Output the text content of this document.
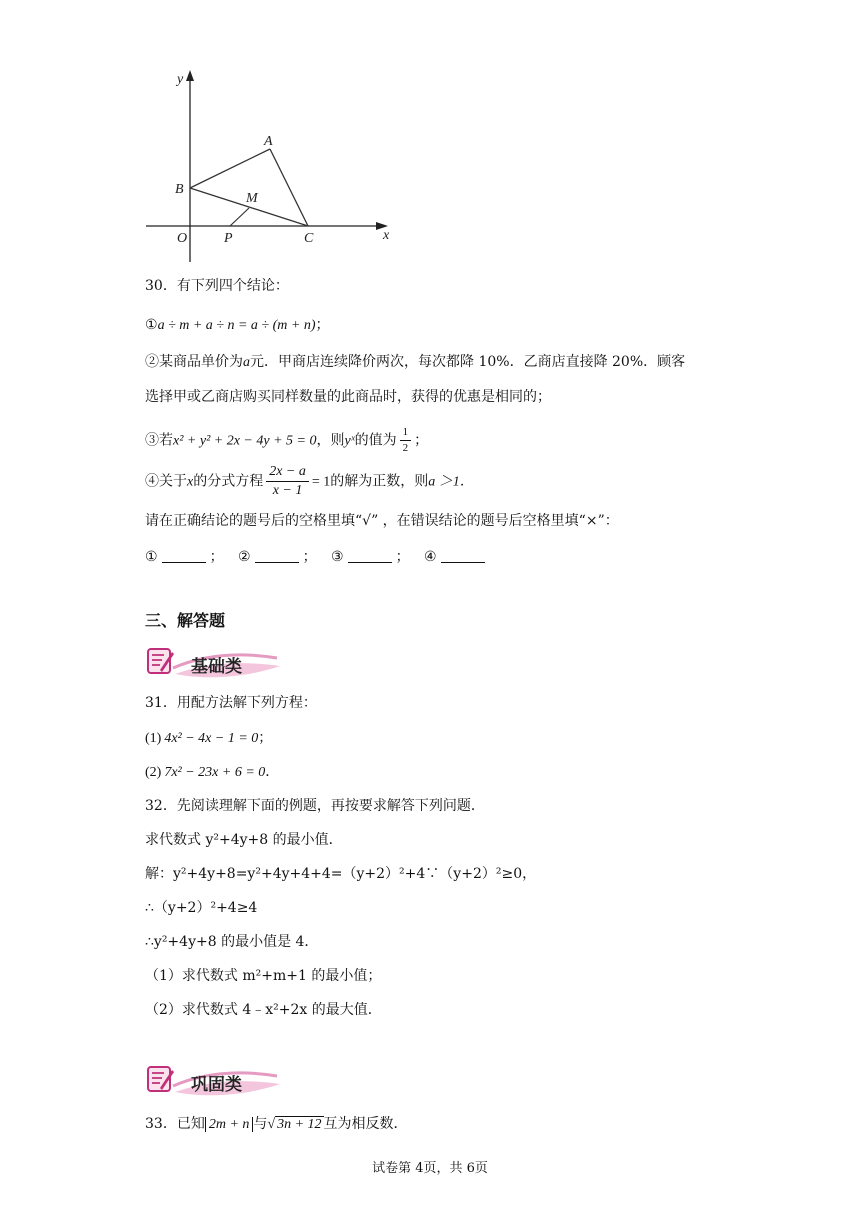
y
x
O	P	C
B
A
M
30．有下列四个结论：
①a ÷ m + a ÷ n = a ÷ (m + n)；
②某商品单价为a元．甲商店连续降价两次，每次都降 10%．乙商店直接降 20%．顾客
选择甲或乙商店购买同样数量的此商品时，获得的优惠是相同的；
③若x² + y² + 2x − 4y + 5 = 0，则yˣ的值为 $\frac{1}{2}$ ；
④关于x的分式方程 $\frac{2x - a}{x - 1} = 1$的解为正数，则a ＞1．
请在正确结论的题号后的空格里填“√” ，在错误结论的题号后空格里填“×”：
①	； ②	； ③	； ④
三、解答题
基础类
31．用配方法解下列方程：
(1) 4x² − 4x − 1 = 0；
(2) 7x² − 23x + 6 = 0．
32．先阅读理解下面的例题，再按要求解答下列问题．
求代数式 y²+4y+8 的最小值．
解：y²+4y+8=y²+4y+4+4=（y+2）²+4∵（y+2）²≥0，
∴（y+2）²+4≥4
∴y²+4y+8 的最小值是 4．
（1）求代数式 m²+m+1 的最小值；
（2）求代数式 4﹣x²+2x 的最大值．
巩固类
33．已知 2m + n 与√ 3n + 12 互为相反数．
试卷第 4页，共 6页
